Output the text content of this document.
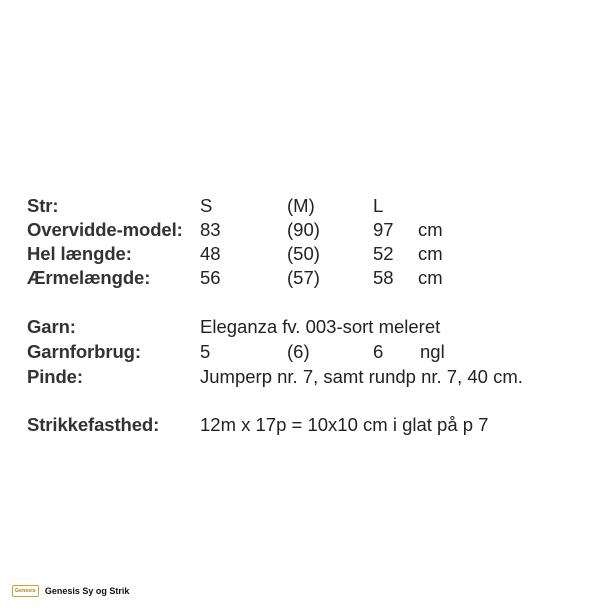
Str:	S	(M)	L
Overvidde-model: 83	(90)	97 cm
Hel længde:	48	(50)	52 cm
Ærmelængde:	56	(57)	58 cm
Garn:	Eleganza fv. 003-sort meleret
Garnforbrug:	5	(6)	6 ngl
Pinde:	Jumperp nr. 7, samt rundp nr. 7, 40 cm.
Strikkefasthed: 12m x 17p = 10x10 cm i glat på p 7
Genesis	Genesis Sy og Strik
